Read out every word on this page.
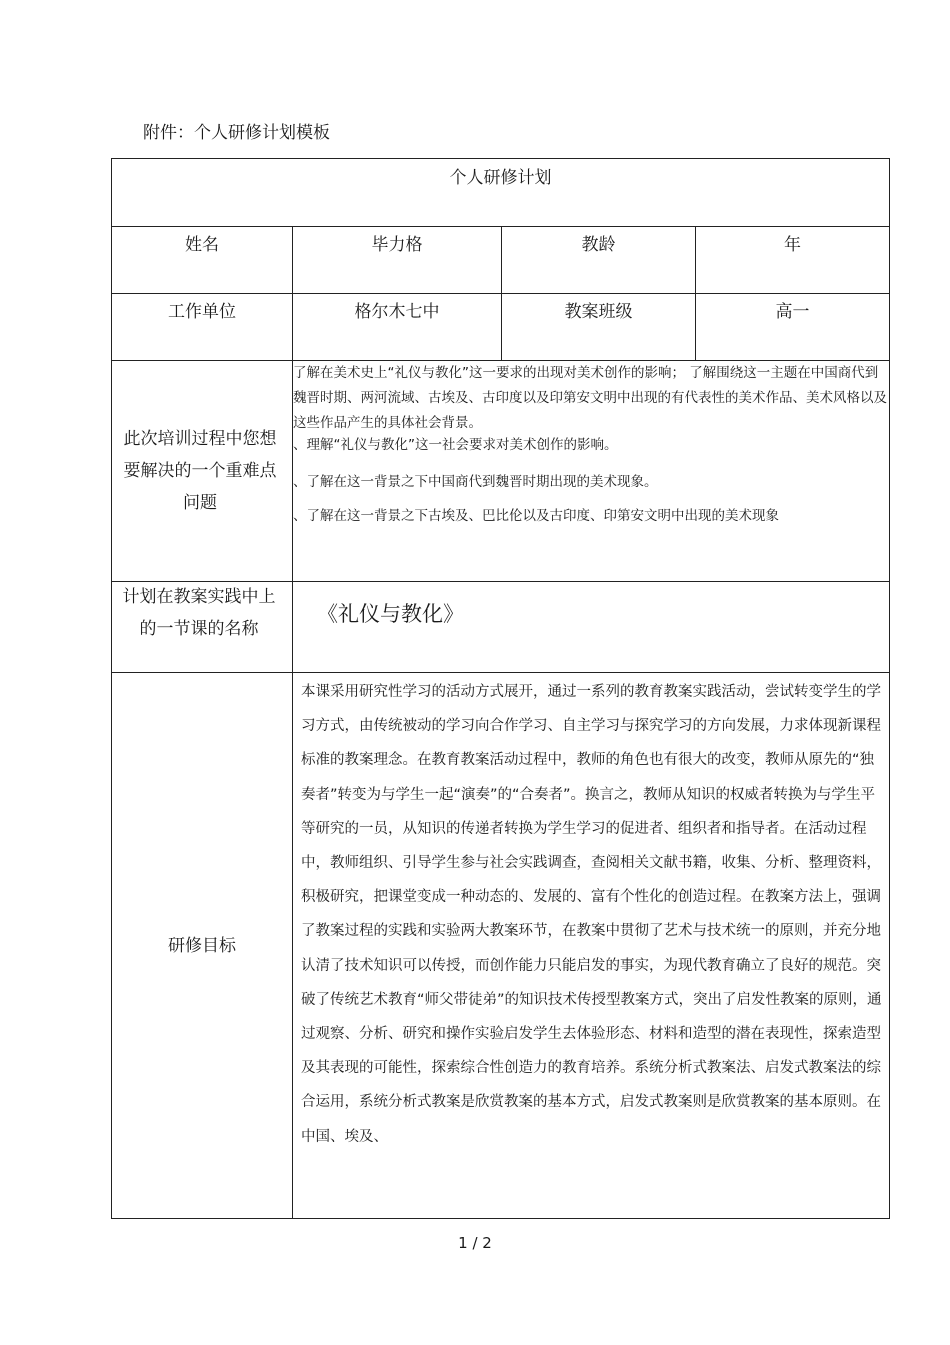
附件：个人研修计划模板
个人研修计划			

姓名	毕力格	教龄	年

工作单位	格尔木七中	教案班级	高一

此次培训过程中您想要解决的一个重难点问题	了解在美术史上“礼仪与教化”这一要求的出现对美术创作的影响； 了解围绕这一主题在中国商代到魏晋时期、两河流域、古埃及、古印度以及印第安文明中出现的有代表性的美术作品、美术风格以及这些作品产生的具体社会背景。

、理解“礼仪与教化”这一社会要求对美术创作的影响。

、了解在这一背景之下中国商代到魏晋时期出现的美术现象。

、了解在这一背景之下古埃及、巴比伦以及古印度、印第安文明中出现的美术现象		

计划在教案实践中上的一节课的名称	《礼仪与教化》		

研修目标	本课采用研究性学习的活动方式展开，通过一系列的教育教案实践活动，尝试转变学生的学习方式，由传统被动的学习向合作学习、自主学习与探究学习的方向发展，力求体现新课程标准的教案理念。在教育教案活动过程中，教师的角色也有很大的改变，教师从原先的“独奏者”转变为与学生一起“演奏”的“合奏者”。换言之，教师从知识的权威者转换为与学生平等研究的一员，从知识的传递者转换为学生学习的促进者、组织者和指导者。在活动过程中，教师组织、引导学生参与社会实践调查，查阅相关文献书籍，收集、分析、整理资料，积极研究，把课堂变成一种动态的、发展的、富有个性化的创造过程。在教案方法上，强调了教案过程的实践和实验两大教案环节，在教案中贯彻了艺术与技术统一的原则，并充分地认清了技术知识可以传授，而创作能力只能启发的事实，为现代教育确立了良好的规范。突破了传统艺术教育“师父带徒弟”的知识技术传授型教案方式，突出了启发性教案的原则，通过观察、分析、研究和操作实验启发学生去体验形态、材料和造型的潜在表现性，探索造型及其表现的可能性，探索综合性创造力的教育培养。系统分析式教案法、启发式教案法的综合运用，系统分析式教案是欣赏教案的基本方式，启发式教案则是欣赏教案的基本原则。在中国、埃及、		
1 / 2
